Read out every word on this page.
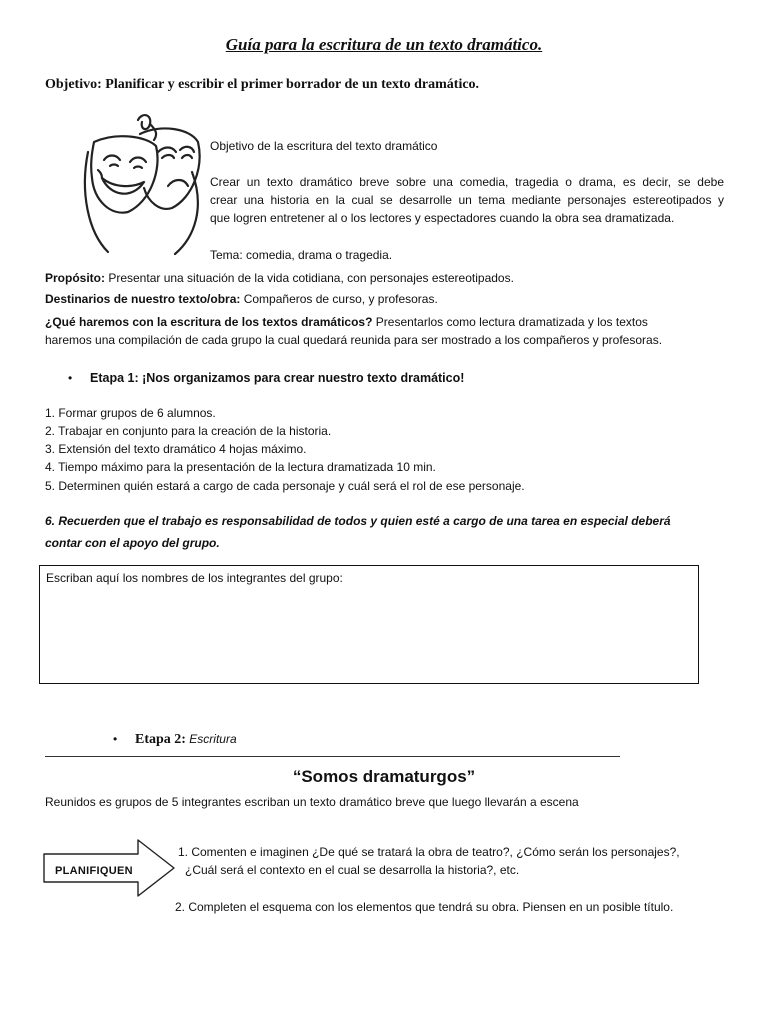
Guía para la escritura de un texto dramático.
Objetivo: Planificar y escribir el primer borrador de un texto dramático.
Objetivo de la escritura del texto dramático
Crear un texto dramático breve sobre una comedia, tragedia o drama, es decir, se debe
crear una historia en la cual se desarrolle un tema mediante personajes estereotipados y
que logren entretener al o los lectores y espectadores cuando la obra sea dramatizada.
Tema: comedia, drama o tragedia.
Propósito: Presentar una situación de la vida cotidiana, con personajes estereotipados.
Destinarios de nuestro texto/obra: Compañeros de curso, y profesoras.
¿Qué haremos con la escritura de los textos dramáticos? Presentarlos como lectura dramatizada y los textos
haremos una compilación de cada grupo la cual quedará reunida para ser mostrado a los compañeros y profesoras.
• Etapa 1: ¡Nos organizamos para crear nuestro texto dramático!
1. Formar grupos de 6 alumnos.
2. Trabajar en conjunto para la creación de la historia.
3. Extensión del texto dramático 4 hojas máximo.
4. Tiempo máximo para la presentación de la lectura dramatizada 10 min.
5. Determinen quién estará a cargo de cada personaje y cuál será el rol de ese personaje.
6. Recuerden que el trabajo es responsabilidad de todos y quien esté a cargo de una tarea en especial deberá
contar con el apoyo del grupo.
Escriban aquí los nombres de los integrantes del grupo:
• Etapa 2: Escritura
“Somos dramaturgos”
Reunidos es grupos de 5 integrantes escriban un texto dramático breve que luego llevarán a escena
PLANIFIQUEN
1. Comenten e imaginen ¿De qué se tratará la obra de teatro?, ¿Cómo serán los personajes?,
¿Cuál será el contexto en el cual se desarrolla la historia?, etc.
2. Completen el esquema con los elementos que tendrá su obra. Piensen en un posible título.
